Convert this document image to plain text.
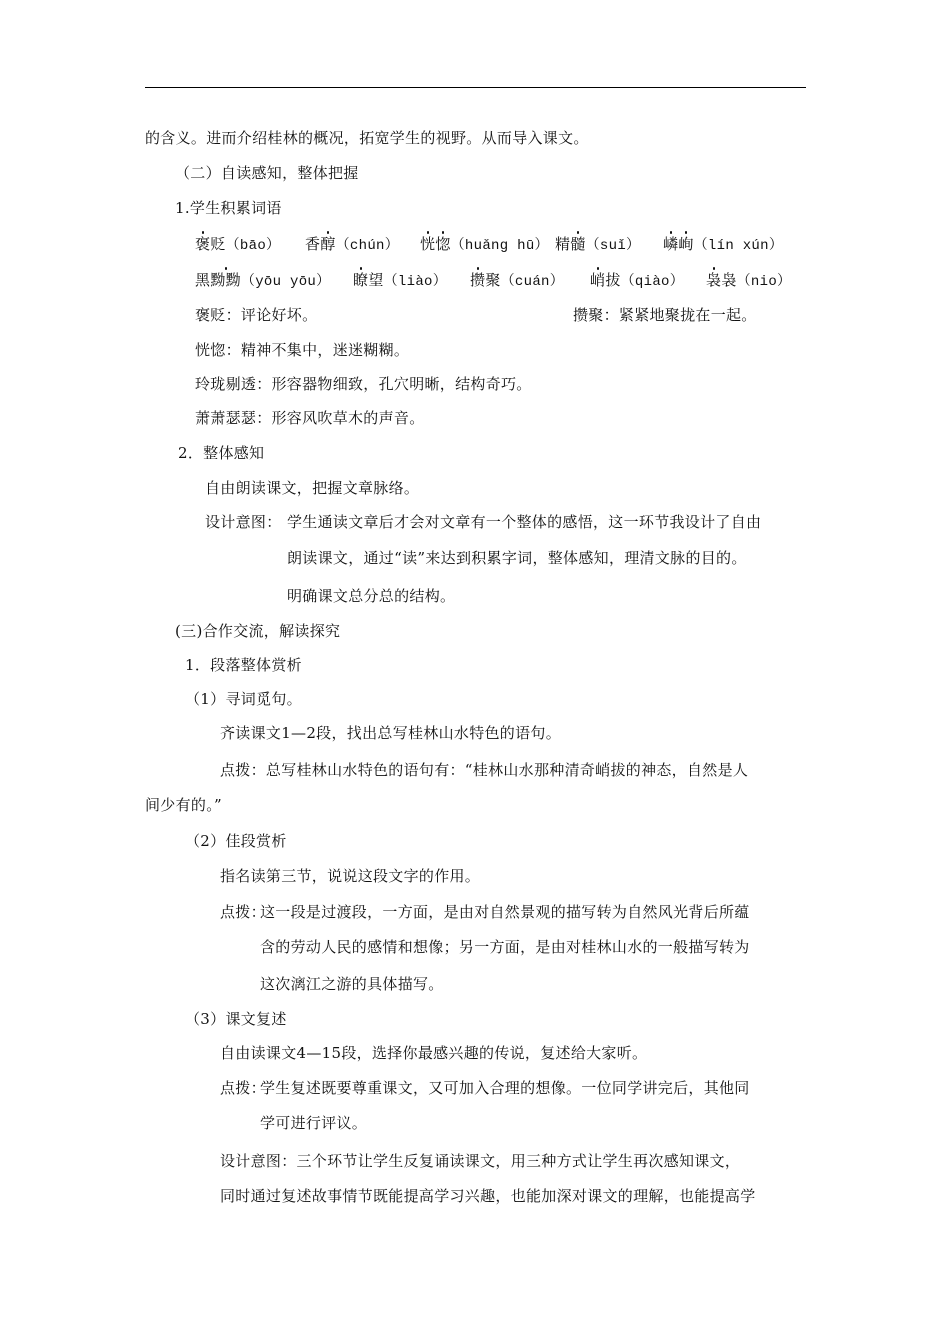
的含义。进而介绍桂林的概况，拓宽学生的视野。从而导入课文。
（二）自读感知，整体把握
1.学生积累词语
褒贬（bāo） 香醇（chún） 恍惚（huǎng hū） 精髓（suǐ） 嶙峋（lín xún）
黑黝黝（yōu yōu） 瞭望（liào） 攒聚（cuán） 峭拔（qiào） 袅袅（nio）
褒贬：评论好坏。	攒聚：紧紧地聚拢在一起。
恍惚：精神不集中，迷迷糊糊。
玲珑剔透：形容器物细致，孔穴明晰，结构奇巧。
萧萧瑟瑟：形容风吹草木的声音。
2．整体感知
自由朗读课文，把握文章脉络。
设计意图： 学生通读文章后才会对文章有一个整体的感悟，这一环节我设计了自由
朗读课文，通过“读”来达到积累字词，整体感知，理清文脉的目的。
明确课文总分总的结构。
(三)合作交流，解读探究
1．段落整体赏析
（1）寻词觅句。
齐读课文1—2段，找出总写桂林山水特色的语句。
点拨：总写桂林山水特色的语句有：“桂林山水那种清奇峭拔的神态，自然是人
间少有的。”
（2）佳段赏析
指名读第三节，说说这段文字的作用。
点拨：
这一段是过渡段，一方面，是由对自然景观的描写转为自然风光背后所蕴
含的劳动人民的感情和想像；另一方面，是由对桂林山水的一般描写转为
这次漓江之游的具体描写。
（3）课文复述
自由读课文4—15段，选择你最感兴趣的传说，复述给大家听。
点拨：
学生复述既要尊重课文，又可加入合理的想像。一位同学讲完后，其他同
学可进行评议。
设计意图：三个环节让学生反复诵读课文，用三种方式让学生再次感知课文，
同时通过复述故事情节既能提高学习兴趣，也能加深对课文的理解，也能提高学
